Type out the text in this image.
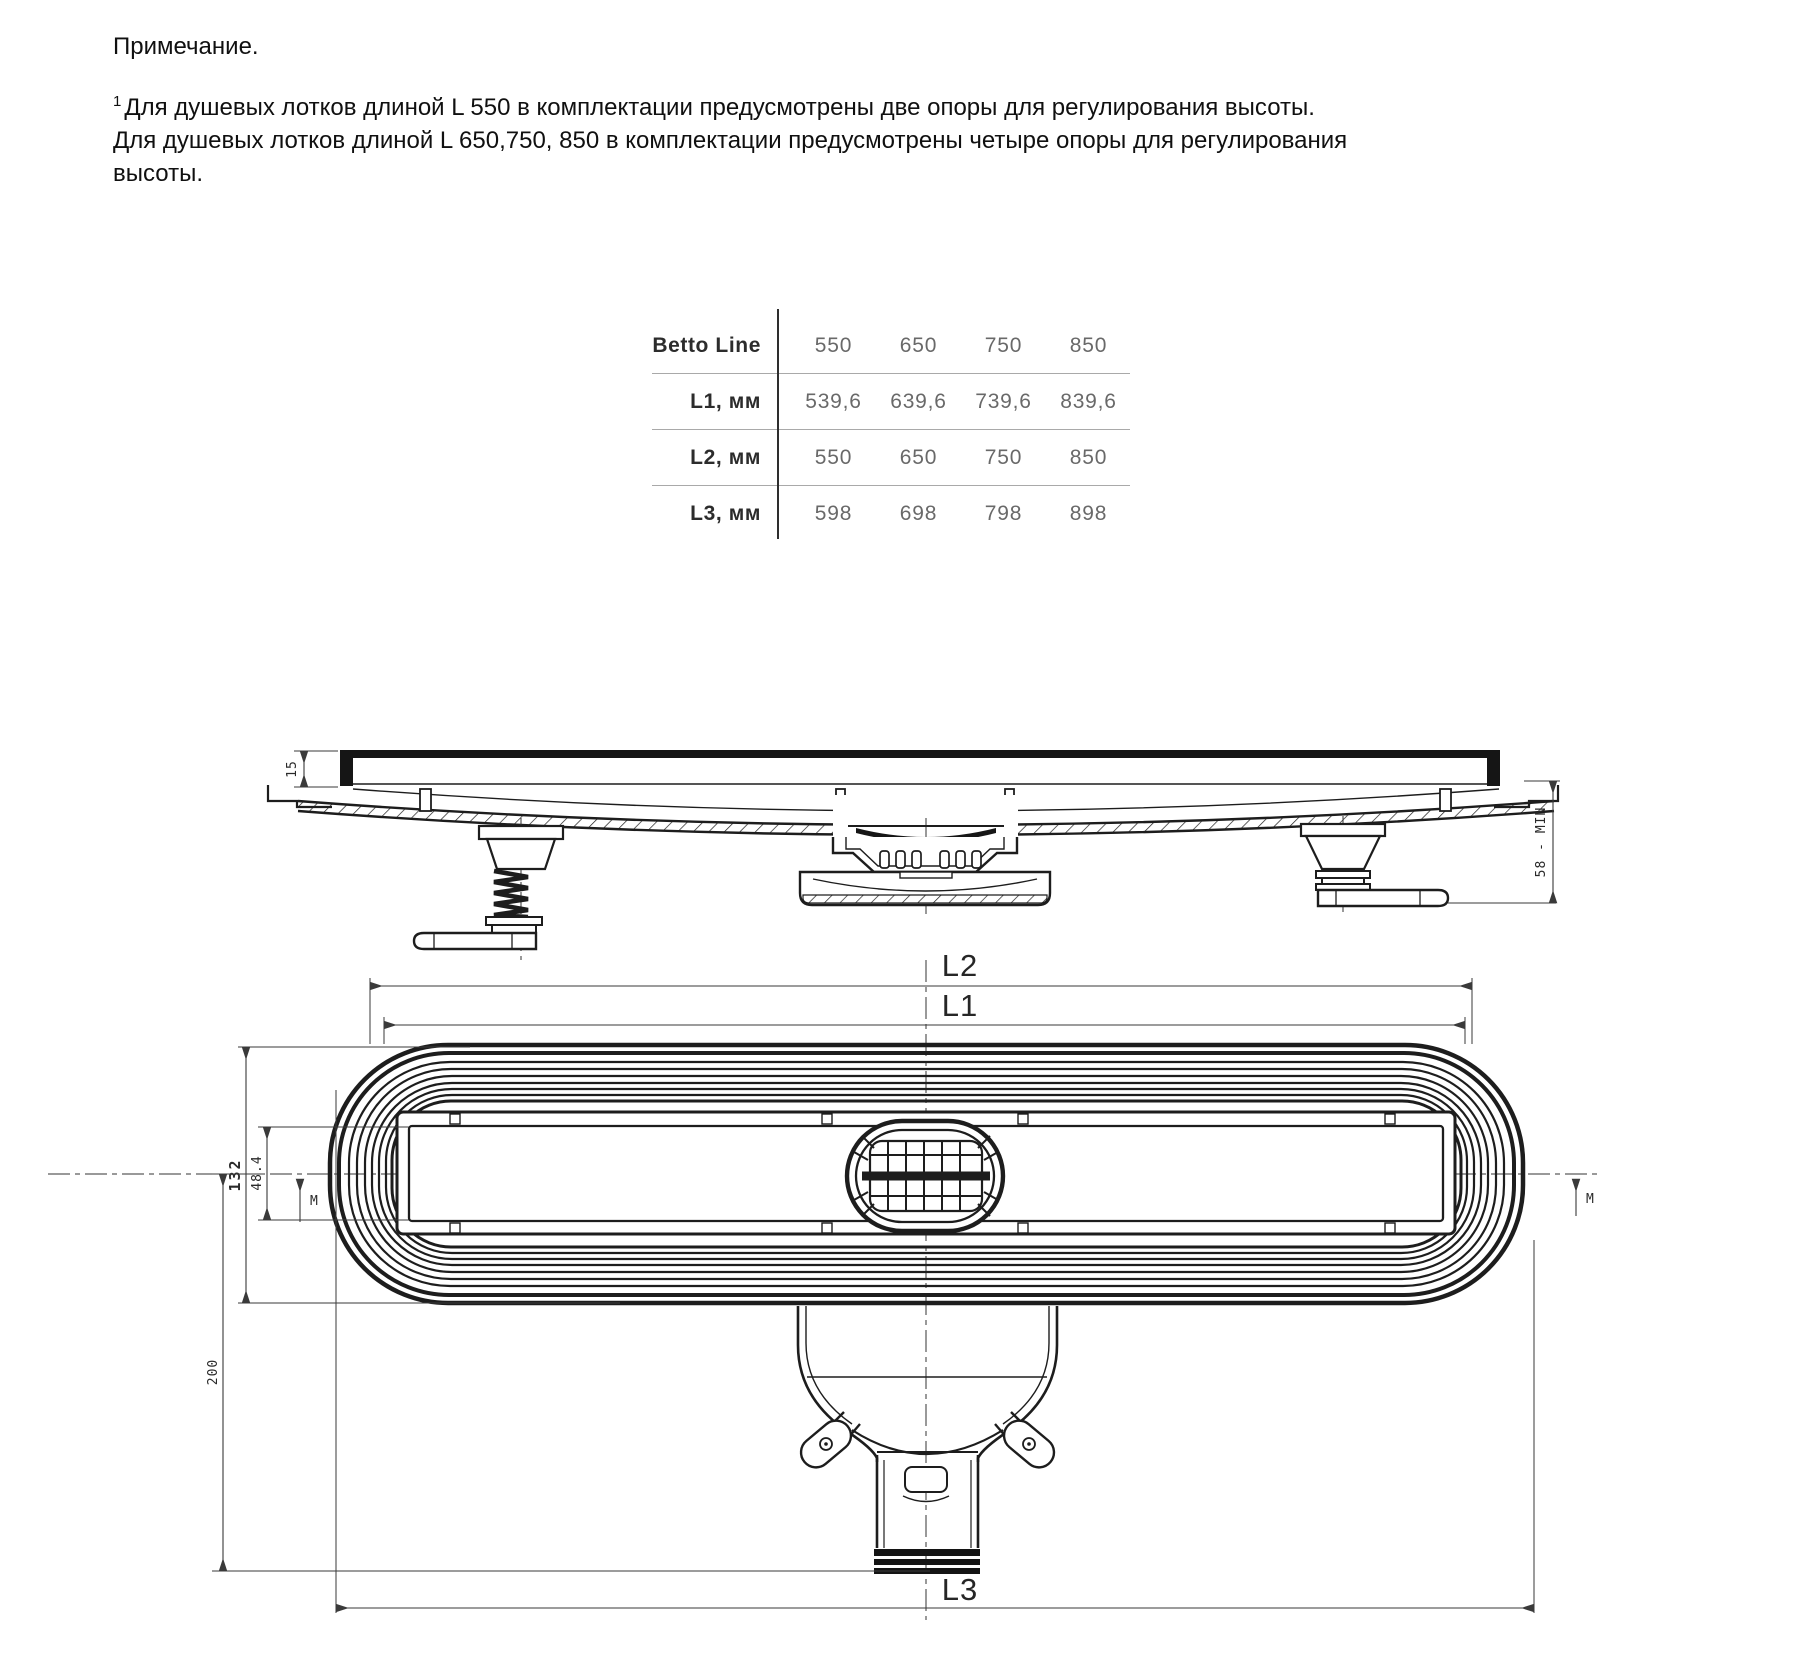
Примечание.
$^1$ Для душевых лотков длиной L 550 в комплектации предусмотрены две опоры для регулирования высоты.
Для душевых лотков длиной L 650,750, 850 в комплектации предусмотрены четыре опоры для регулирования высоты.
Betto Line	550	650	750	850
L1, мм	539,6	639,6	739,6	839,6
L2, мм	550	650	750	850
L3, мм	598	698	798	898
15
58 - MIN
L2
L1
L3
132 48.4
200
M	M
